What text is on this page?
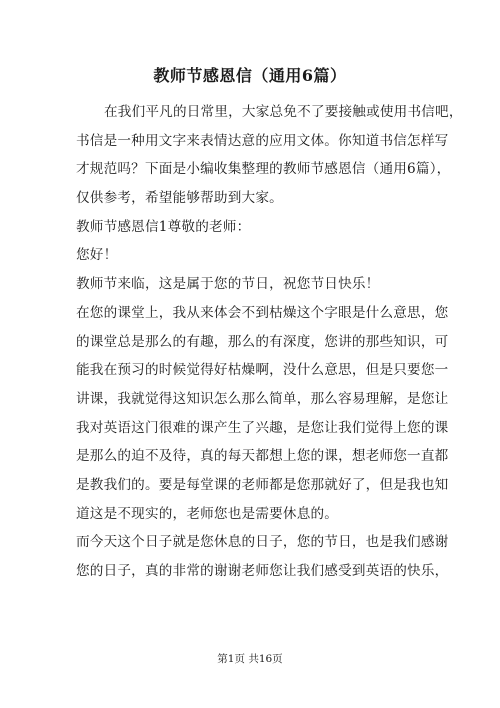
教师节感恩信（通用6篇）
在我们平凡的日常里，大家总免不了要接触或使用书信吧，
书信是一种用文字来表情达意的应用文体。你知道书信怎样写
才规范吗？下面是小编收集整理的教师节感恩信（通用6篇），
仅供参考，希望能够帮助到大家。
教师节感恩信1尊敬的老师：
您好！
教师节来临，这是属于您的节日，祝您节日快乐！
在您的课堂上，我从来体会不到枯燥这个字眼是什么意思，您
的课堂总是那么的有趣，那么的有深度，您讲的那些知识，可
能我在预习的时候觉得好枯燥啊，没什么意思，但是只要您一
讲课，我就觉得这知识怎么那么简单，那么容易理解，是您让
我对英语这门很难的课产生了兴趣，是您让我们觉得上您的课
是那么的迫不及待，真的每天都想上您的课，想老师您一直都
是教我们的。要是每堂课的老师都是您那就好了，但是我也知
道这是不现实的，老师您也是需要休息的。
而今天这个日子就是您休息的日子，您的节日，也是我们感谢
您的日子，真的非常的谢谢老师您让我们感受到英语的快乐，
第1页 共16页
